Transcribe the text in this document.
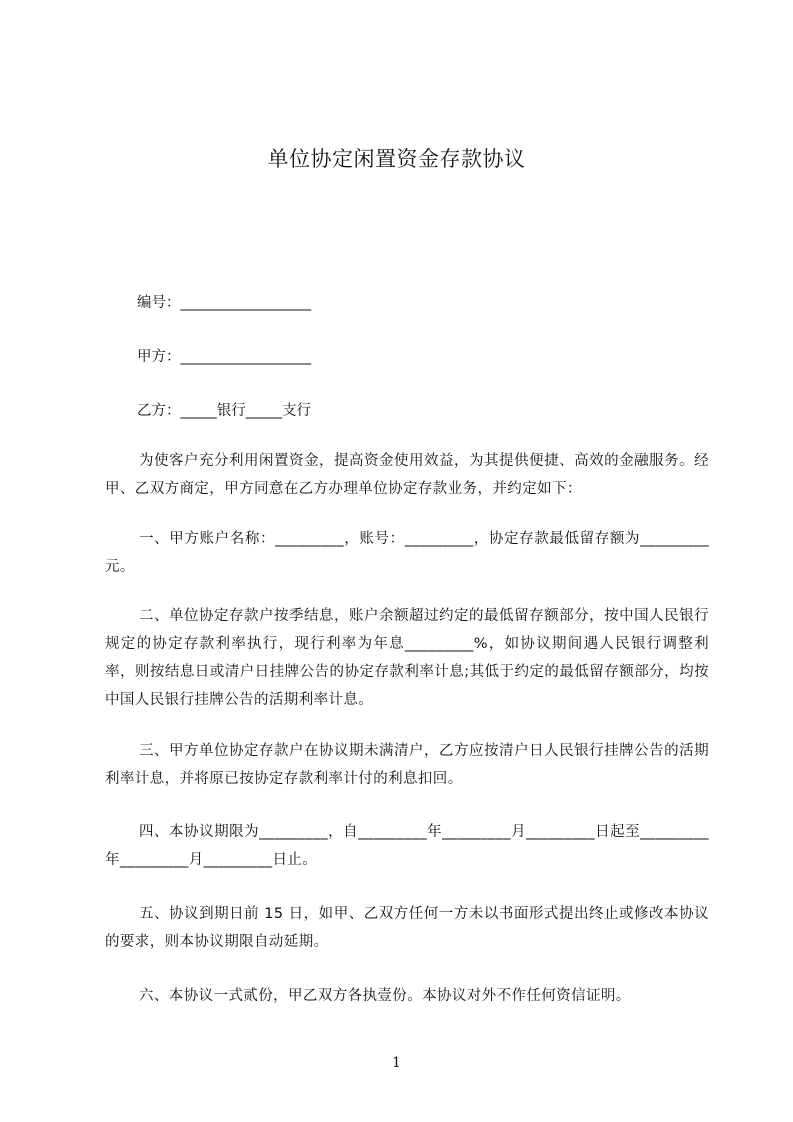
单位协定闲置资金存款协议
编号：__________________
甲方：__________________
乙方：_____银行_____支行
为使客户充分利用闲置资金，提高资金使用效益，为其提供便捷、高效的金融服务。经甲、乙双方商定，甲方同意在乙方办理单位协定存款业务，并约定如下：
一、甲方账户名称：_________，账号：_________，协定存款最低留存额为_________元。
二、单位协定存款户按季结息，账户余额超过约定的最低留存额部分，按中国人民银行规定的协定存款利率执行，现行利率为年息_________%，如协议期间遇人民银行调整利率，则按结息日或清户日挂牌公告的协定存款利率计息;其低于约定的最低留存额部分，均按中国人民银行挂牌公告的活期利率计息。
三、甲方单位协定存款户在协议期未满清户，乙方应按清户日人民银行挂牌公告的活期利率计息，并将原已按协定存款利率计付的利息扣回。
四、本协议期限为_________，自_________年_________月_________日起至_________年_________月_________日止。
五、协议到期日前 15 日，如甲、乙双方任何一方未以书面形式提出终止或修改本协议的要求，则本协议期限自动延期。
六、本协议一式贰份，甲乙双方各执壹份。本协议对外不作任何资信证明。
1
